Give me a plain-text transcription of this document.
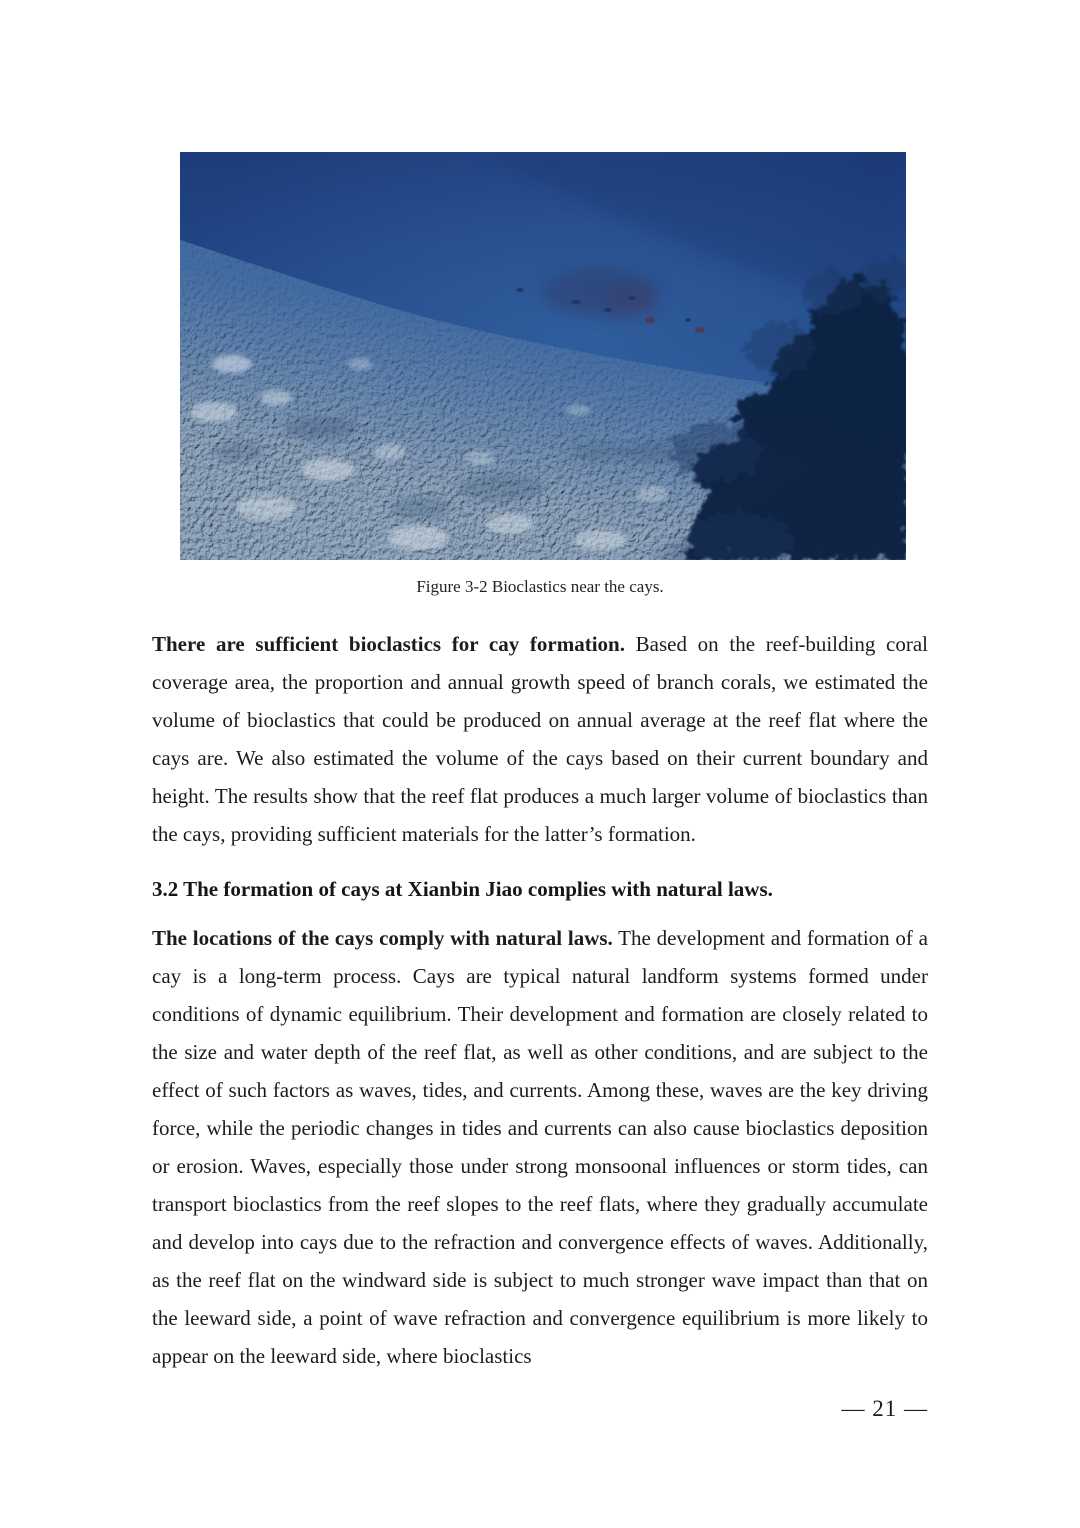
Figure 3-2 Bioclastics near the cays.

There are sufficient bioclastics for cay formation. Based on the reef-building coral coverage area, the proportion and annual growth speed of branch corals, we estimated the volume of bioclastics that could be produced on annual average at the reef flat where the cays are. We also estimated the volume of the cays based on their current boundary and height. The results show that the reef flat produces a much larger volume of bioclastics than the cays, providing sufficient materials for the latter’s formation.

3.2 The formation of cays at Xianbin Jiao complies with natural laws.

The locations of the cays comply with natural laws. The development and formation of a cay is a long-term process. Cays are typical natural landform systems formed under conditions of dynamic equilibrium. Their development and formation are closely related to the size and water depth of the reef flat, as well as other conditions, and are subject to the effect of such factors as waves, tides, and currents. Among these, waves are the key driving force, while the periodic changes in tides and currents can also cause bioclastics deposition or erosion. Waves, especially those under strong monsoonal influences or storm tides, can transport bioclastics from the reef slopes to the reef flats, where they gradually accumulate and develop into cays due to the refraction and convergence effects of waves. Additionally, as the reef flat on the windward side is subject to much stronger wave impact than that on the leeward side, a point of wave refraction and convergence equilibrium is more likely to appear on the leeward side, where bioclastics

— 21 —
